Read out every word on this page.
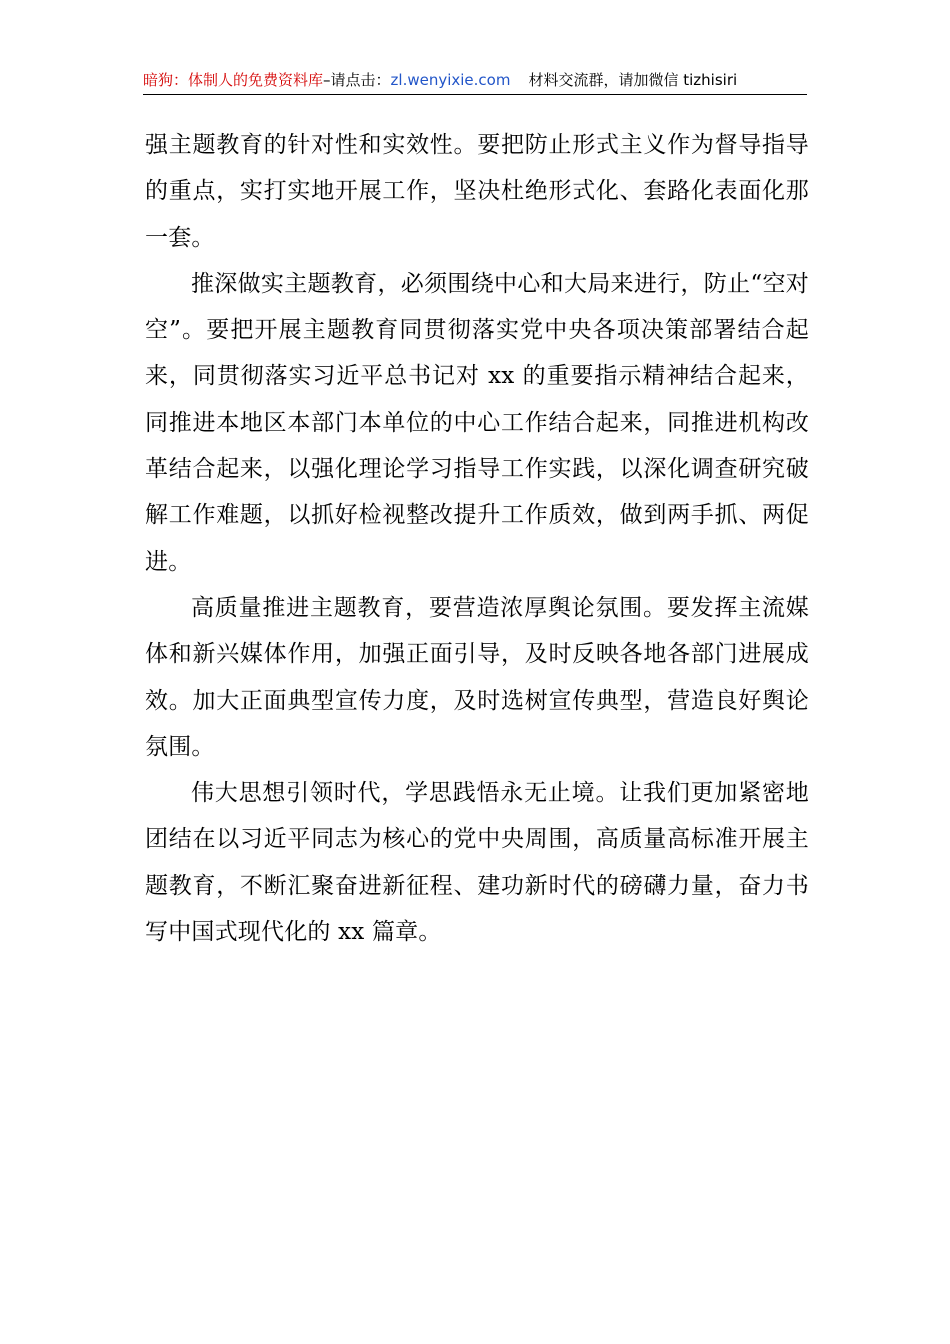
暗狗：体制人的免费资料库–请点击：zl.wenyixie.com 材料交流群，请加微信 tizhisiri

强主题教育的针对性和实效性。要把防止形式主义作为督导指导的重点，实打实地开展工作，坚决杜绝形式化、套路化表面化那一套。

推深做实主题教育，必须围绕中心和大局来进行，防止“空对空”。要把开展主题教育同贯彻落实党中央各项决策部署结合起来，同贯彻落实习近平总书记对 xx 的重要指示精神结合起来，同推进本地区本部门本单位的中心工作结合起来，同推进机构改革结合起来，以强化理论学习指导工作实践，以深化调查研究破解工作难题，以抓好检视整改提升工作质效，做到两手抓、两促进。

高质量推进主题教育，要营造浓厚舆论氛围。要发挥主流媒体和新兴媒体作用，加强正面引导，及时反映各地各部门进展成效。加大正面典型宣传力度，及时选树宣传典型，营造良好舆论氛围。

伟大思想引领时代，学思践悟永无止境。让我们更加紧密地团结在以习近平同志为核心的党中央周围，高质量高标准开展主题教育，不断汇聚奋进新征程、建功新时代的磅礴力量，奋力书写中国式现代化的 xx 篇章。
